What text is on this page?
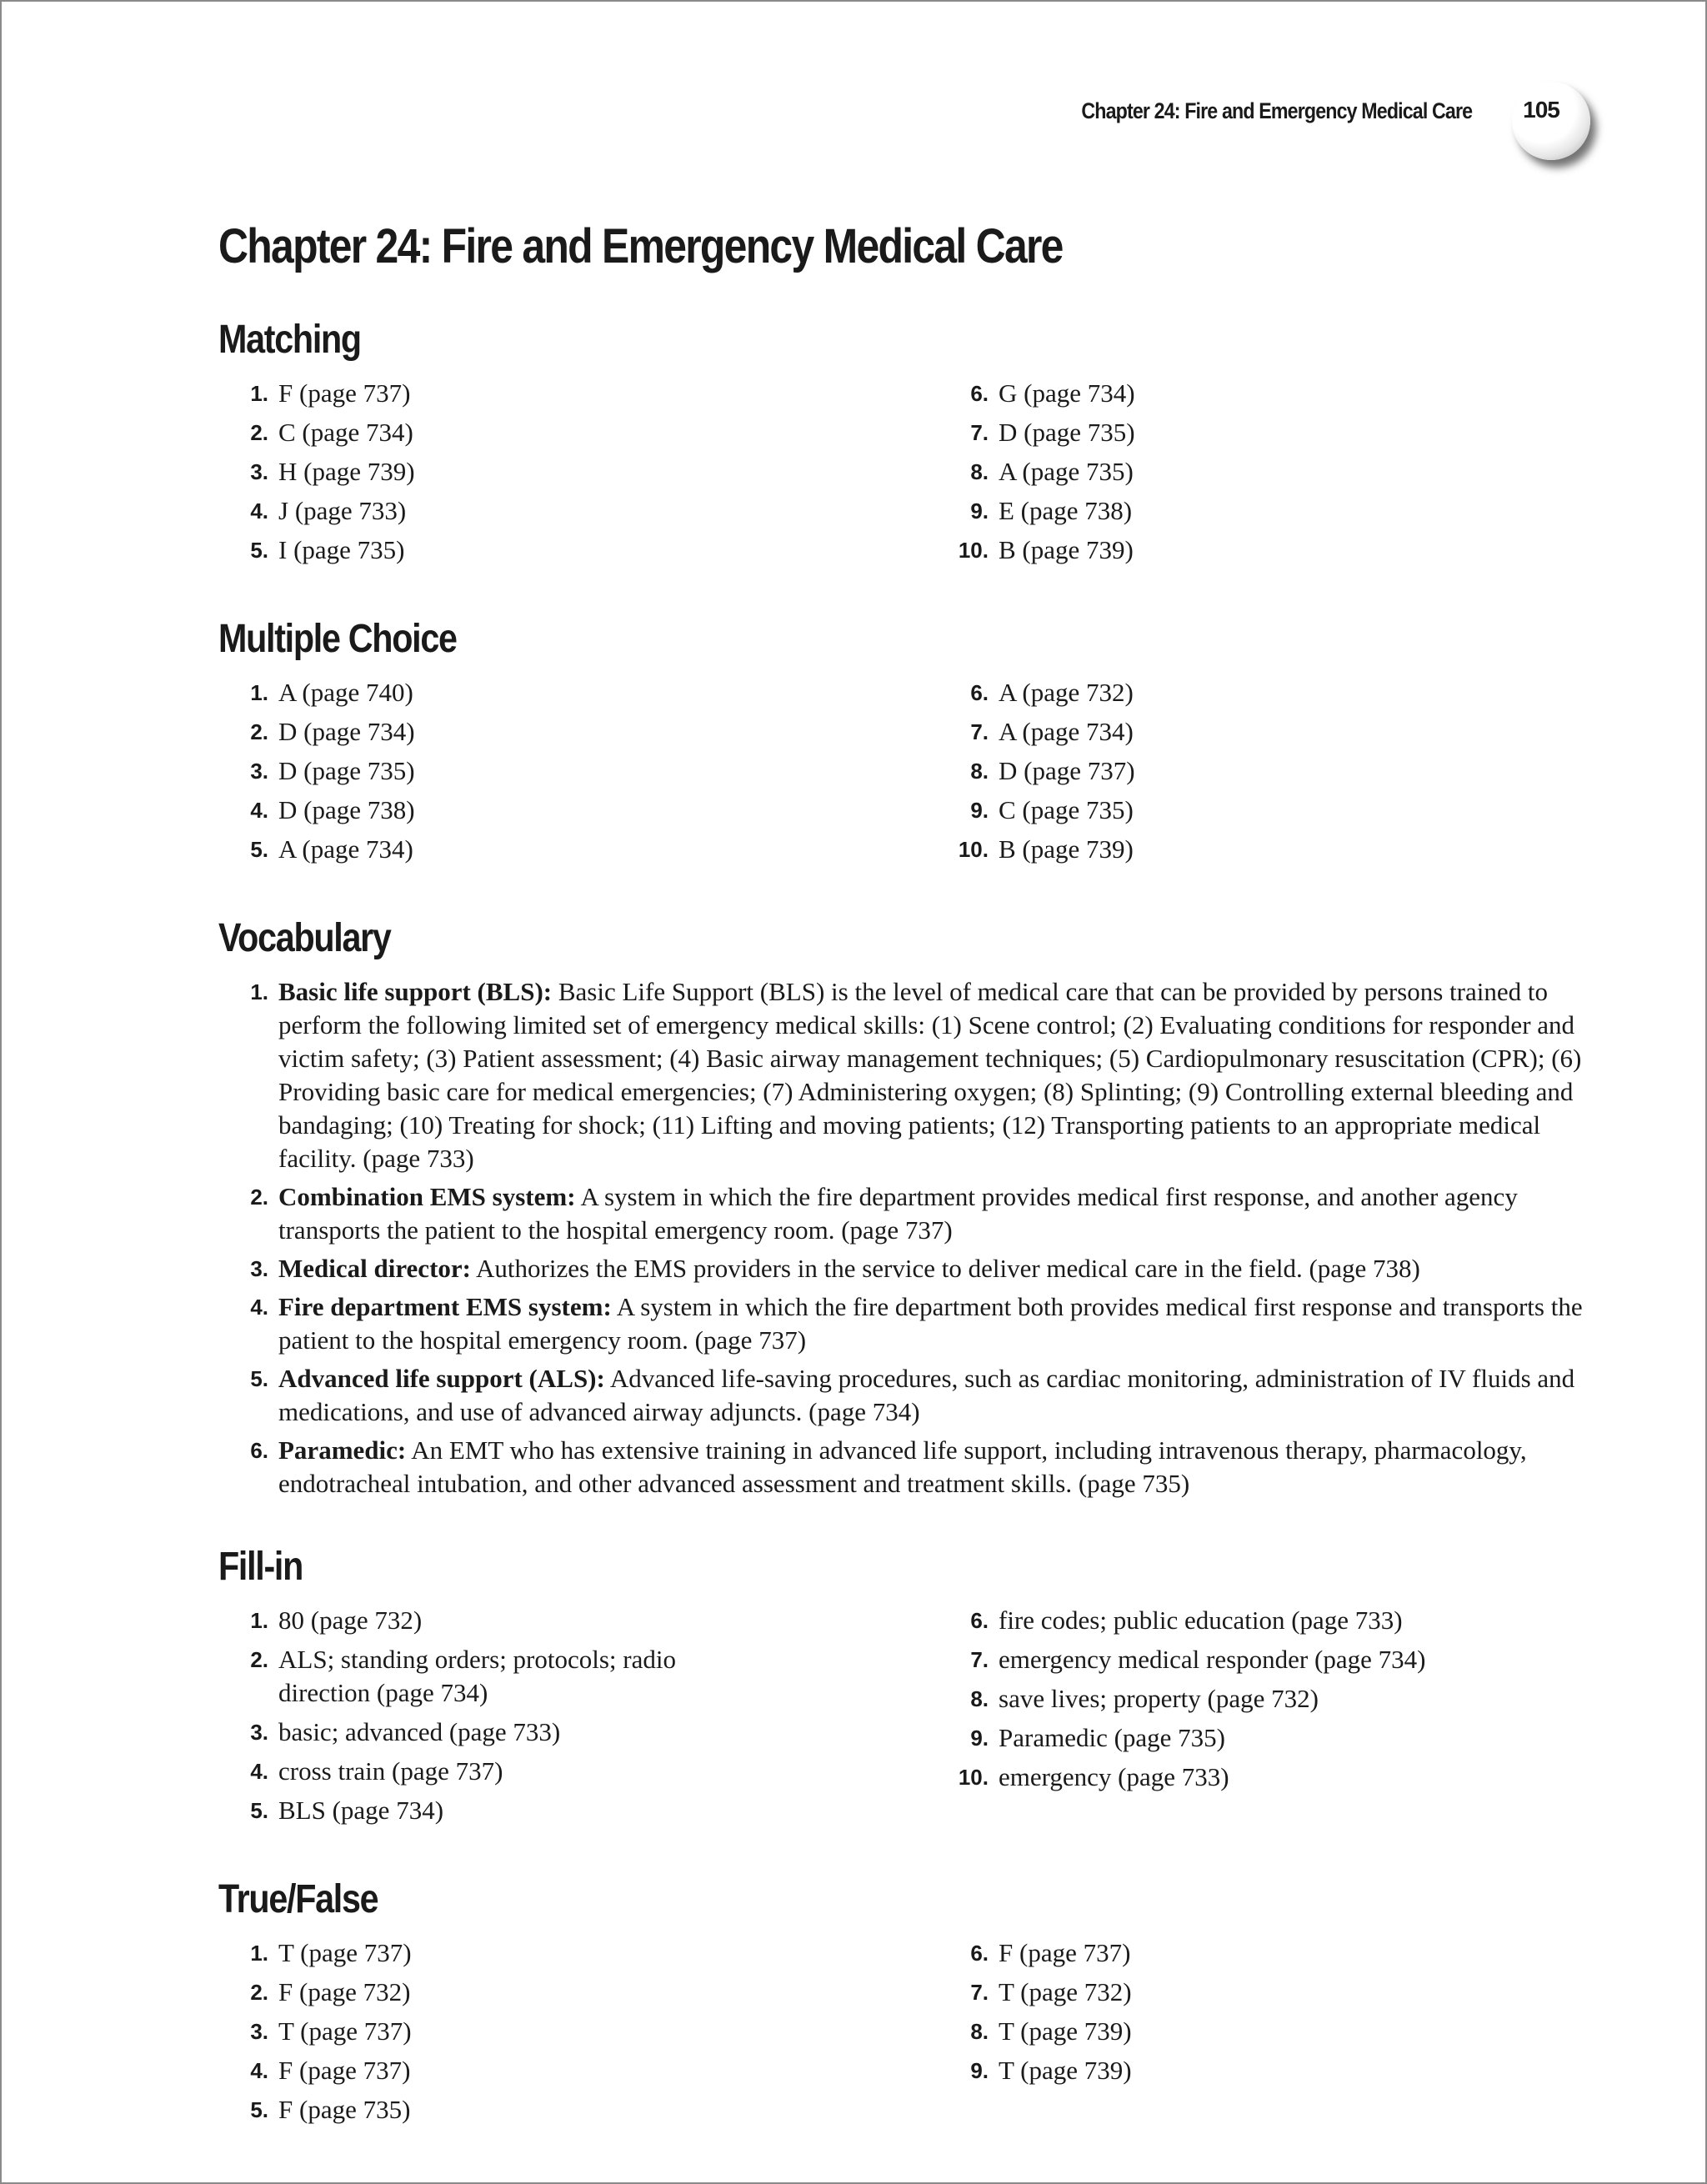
Chapter 24: Fire and Emergency Medical Care	105
Chapter 24: Fire and Emergency Medical Care
Matching
1. F (page 737)
2. C (page 734)
3. H (page 739)
4. J (page 733)
5. I (page 735)
6. G (page 734)
7. D (page 735)
8. A (page 735)
9. E (page 738)
10. B (page 739)
Multiple Choice
1. A (page 740)
2. D (page 734)
3. D (page 735)
4. D (page 738)
5. A (page 734)
6. A (page 732)
7. A (page 734)
8. D (page 737)
9. C (page 735)
10. B (page 739)
Vocabulary
1. Basic life support (BLS): Basic Life Support (BLS) is the level of medical care that can be provided by persons trained to perform the following limited set of emergency medical skills: (1) Scene control; (2) Evaluating conditions for responder and victim safety; (3) Patient assessment; (4) Basic airway management techniques; (5) Cardiopulmonary resuscitation (CPR); (6) Providing basic care for medical emergencies; (7) Administering oxygen; (8) Splinting; (9) Controlling external bleeding and bandaging; (10) Treating for shock; (11) Lifting and moving patients; (12) Transporting patients to an appropriate medical facility. (page 733)
2. Combination EMS system: A system in which the fire department provides medical first response, and another agency transports the patient to the hospital emergency room. (page 737)
3. Medical director: Authorizes the EMS providers in the service to deliver medical care in the field. (page 738)
4. Fire department EMS system: A system in which the fire department both provides medical first response and transports the patient to the hospital emergency room. (page 737)
5. Advanced life support (ALS): Advanced life-saving procedures, such as cardiac monitoring, administration of IV fluids and medications, and use of advanced airway adjuncts. (page 734)
6. Paramedic: An EMT who has extensive training in advanced life support, including intravenous therapy, pharmacology, endotracheal intubation, and other advanced assessment and treatment skills. (page 735)
Fill-in
1. 80 (page 732)
2. ALS; standing orders; protocols; radio direction (page 734)
3. basic; advanced (page 733)
4. cross train (page 737)
5. BLS (page 734)
6. fire codes; public education (page 733)
7. emergency medical responder (page 734)
8. save lives; property (page 732)
9. Paramedic (page 735)
10. emergency (page 733)
True/False
1. T (page 737)
2. F (page 732)
3. T (page 737)
4. F (page 737)
5. F (page 735)
6. F (page 737)
7. T (page 732)
8. T (page 739)
9. T (page 739)
